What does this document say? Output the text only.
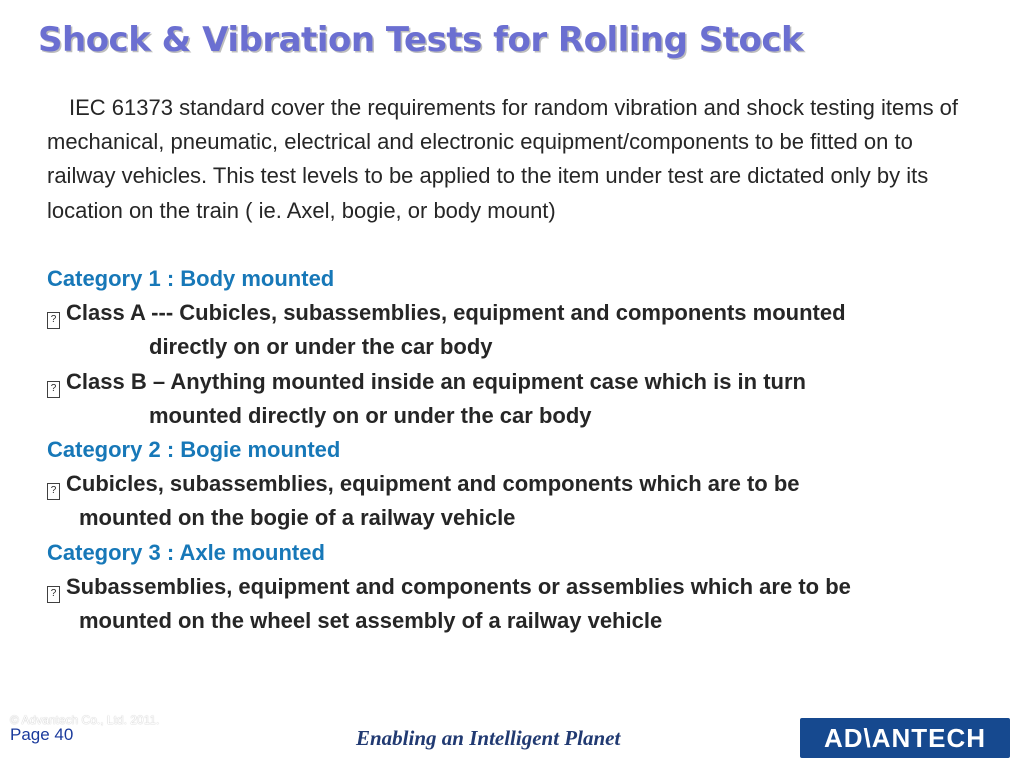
Shock & Vibration Tests for Rolling Stock

IEC 61373 standard cover the requirements for random vibration and shock testing items of mechanical, pneumatic, electrical and electronic equipment/components to be fitted on to railway vehicles. This test levels to be applied to the item under test are dictated only by its location on the train ( ie. Axel, bogie, or body mount)

Category 1 : Body mounted

? Class A --- Cubicles, subassemblies, equipment and components mounted

directly on or under the car body

? Class B – Anything mounted inside an equipment case which is in turn

mounted directly on or under the car body

Category 2 : Bogie mounted

? Cubicles, subassemblies, equipment and components which are to be

mounted on the bogie of a railway vehicle

Category 3 : Axle mounted

? Subassemblies, equipment and components or assemblies which are to be

mounted on the wheel set assembly of a railway vehicle

© Advantech Co., Ltd. 2011.
Page 40	Enabling an Intelligent Planet	AD\ANTECH
